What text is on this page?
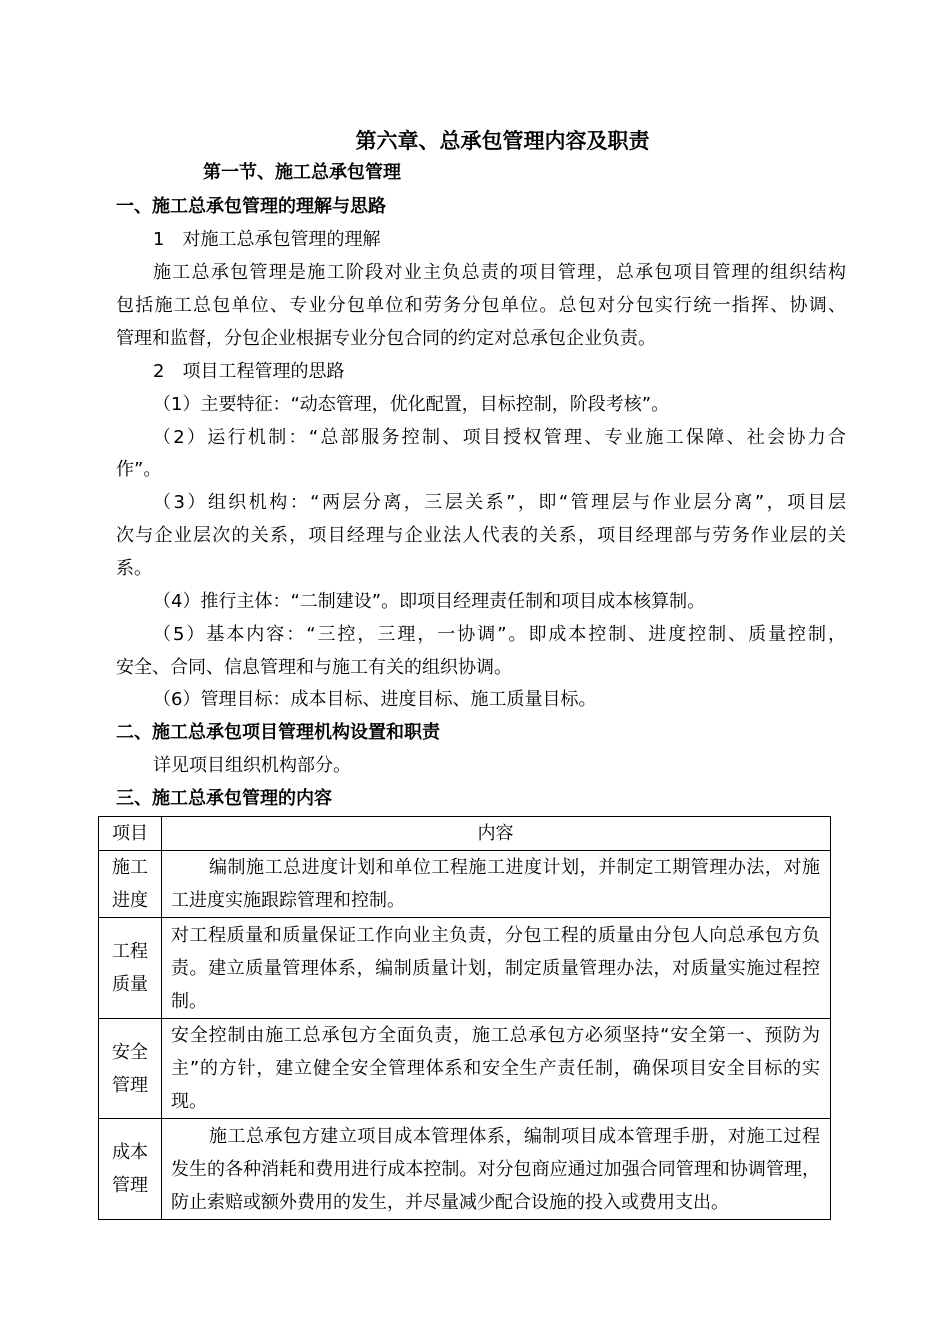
第六章、总承包管理内容及职责
第一节、施工总承包管理
一、施工总承包管理的理解与思路
1　对施工总承包管理的理解
施工总承包管理是施工阶段对业主负总责的项目管理，总承包项目管理的组织结构
包括施工总包单位、专业分包单位和劳务分包单位。总包对分包实行统一指挥、协调、
管理和监督，分包企业根据专业分包合同的约定对总承包企业负责。
2　项目工程管理的思路
（1）主要特征：“动态管理，优化配置，目标控制，阶段考核”。
（2）运行机制：“总部服务控制、项目授权管理、专业施工保障、社会协力合
作”。
（3）组织机构：“两层分离，三层关系”，即“管理层与作业层分离”，项目层
次与企业层次的关系，项目经理与企业法人代表的关系，项目经理部与劳务作业层的关
系。
（4）推行主体：“二制建设”。即项目经理责任制和项目成本核算制。
（5）基本内容：“三控，三理，一协调”。即成本控制、进度控制、质量控制，
安全、合同、信息管理和与施工有关的组织协调。
（6）管理目标：成本目标、进度目标、施工质量目标。
二、施工总承包项目管理机构设置和职责
详见项目组织机构部分。
三、施工总承包管理的内容
项目	内容

施工
进度	编制施工总进度计划和单位工程施工进度计划，并制定工期管理办法，对施工进度实施跟踪管理和控制。

工程
质量	对工程质量和质量保证工作向业主负责，分包工程的质量由分包人向总承包方负责。建立质量管理体系，编制质量计划，制定质量管理办法，对质量实施过程控制。

安全
管理	安全控制由施工总承包方全面负责，施工总承包方必须坚持“安全第一、预防为主”的方针，建立健全安全管理体系和安全生产责任制，确保项目安全目标的实现。

成本
管理	施工总承包方建立项目成本管理体系，编制项目成本管理手册，对施工过程发生的各种消耗和费用进行成本控制。对分包商应通过加强合同管理和协调管理，防止索赔或额外费用的发生，并尽量减少配合设施的投入或费用支出。
